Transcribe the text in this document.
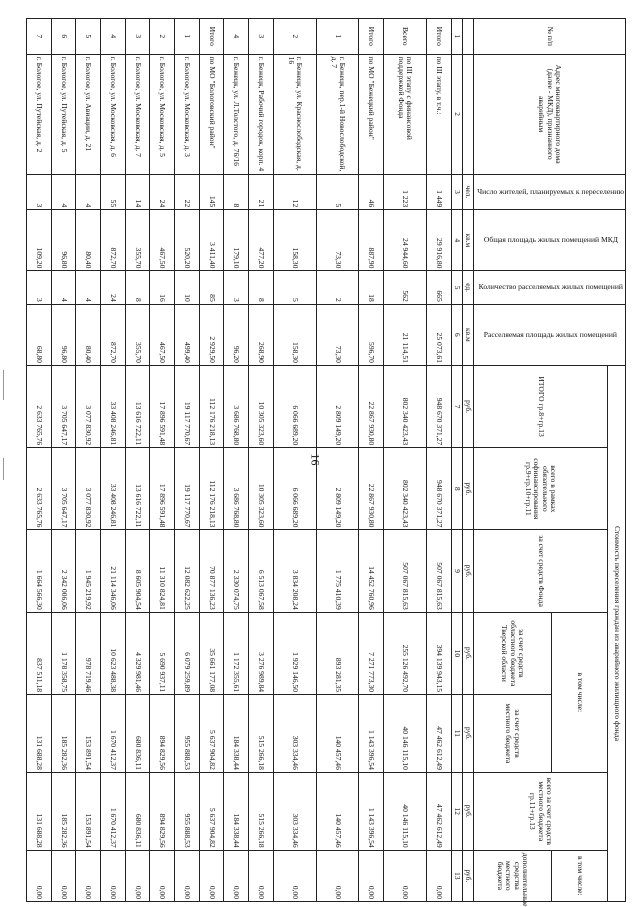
16
№ п/п	Адрес многоквартирного дома (далее - МКД), признанного аварийным	Число жителей, планируемых к переселению	Общая площадь жилых помещений МКД	Количество расселяемых жилых помещений	Расселяемая площадь жилых помещений	Стоимость переселения граждан из аварийного жилищного фонда						
						ИТОГО гр.8+гр.13	всего в рамках обязательного софинансирования гр.9+гр.10+гр.11	за счет средств Фонда	в том числе:		всего за счет средств местного бюджета гр.11+гр.13	в том числе:
									за счет средств областного бюджета Тверской области	за счет средств местного бюджета		дополнительные средства местного бюджета
		чел.	кв.м	ед.	кв.м	руб.	руб.	руб.	руб.	руб.	руб.	руб.
1	2	3	4	5	6	7	8	9	10	11	12	13
Итого	по III этапу, в т.ч.:	1 449	29 916,80	665	25 073,61	948 670 371,27	948 670 371,27	507 067 815,63	394 139 943,15	47 462 612,49	47 462 612,49	0,00
Всего	по III этапу с финансовой поддержкой Фонда	1 223	24 944,60	562	21 114,51	802 340 423,43	802 340 423,43	507 067 815,63	255 126 492,70	40 146 115,10	40 146 115,10	0,00
Итого	по МО "Бежецкий район"	46	887,90	18	596,70	22 867 930,80	22 867 930,80	14 452 760,96	7 271 773,30	1 143 396,54	1 143 396,54	0,00
1	г. Бежецк, пер.1-й Новослободской, д. 7	5	73,30	2	73,30	2 809 149,20	2 809 149,20	1 775 410,39	893 281,35	140 457,46	140 457,46	0,00
2	г. Бежецк, ул. Краснослободская, д. 16	12	158,30	5	158,30	6 066 689,20	6 066 689,20	3 834 208,24	1 929 146,50	303 334,46	303 334,46	0,00
3	г. Бежецк, Рабочий городок, корп. 4	21	477,20	8	268,90	10 305 323,60	10 305 323,60	6 513 067,58	3 276 989,84	515 266,18	515 266,18	0,00
4	г. Бежецк, ул. Л.Толстого, д. 76/16	8	179,10	3	96,20	3 686 768,80	3 686 768,80	2 330 074,75	1 172 355,61	184 338,44	184 338,44	0,00
Итого	по МО "Бологовский район"	145	3 411,40	85	2 929,50	112 176 218,13	112 176 218,13	70 877 136,23	35 661 177,08	5 637 904,82	5 637 904,82	0,00
1	г. Бологое, ул. Московская, д. 3	22	520,20	10	499,40	19 117 770,67	19 117 770,67	12 082 622,25	6 079 259,89	955 888,53	955 888,53	0,00
2	г. Бологое, ул. Московская, д. 5	24	467,50	16	467,50	17 896 591,48	17 896 591,48	11 310 824,81	5 690 937,11	894 829,56	894 829,56	0,00
3	г. Бологое, ул. Московская, д. 7	14	355,70	8	355,70	13 616 722,11	13 616 722,11	8 605 904,54	4 329 981,46	680 836,11	680 836,11	0,00
4	г. Бологое, ул. Московская, д. 6	55	872,70	24	872,70	33 408 246,81	33 408 246,81	21 114 346,06	10 623 488,38	1 670 412,37	1 670 412,37	0,00
5	г. Бологое, ул. Авиации, д. 21	4	80,40	4	80,40	3 077 830,92	3 077 830,92	1 945 219,92	978 719,46	153 891,54	153 891,54	0,00
6	г. Бологое, ул. Путейская, д. 5	4	96,80	4	96,80	3 705 647,17	3 705 647,17	2 342 006,06	1 178 358,75	185 282,36	185 282,36	0,00
7	г. Бологое, ул. Путейская, д. 2	3	109,20	3	68,80	2 633 765,76	2 633 765,76	1 664 566,30	837 511,18	131 688,28	131 688,28	0,00
